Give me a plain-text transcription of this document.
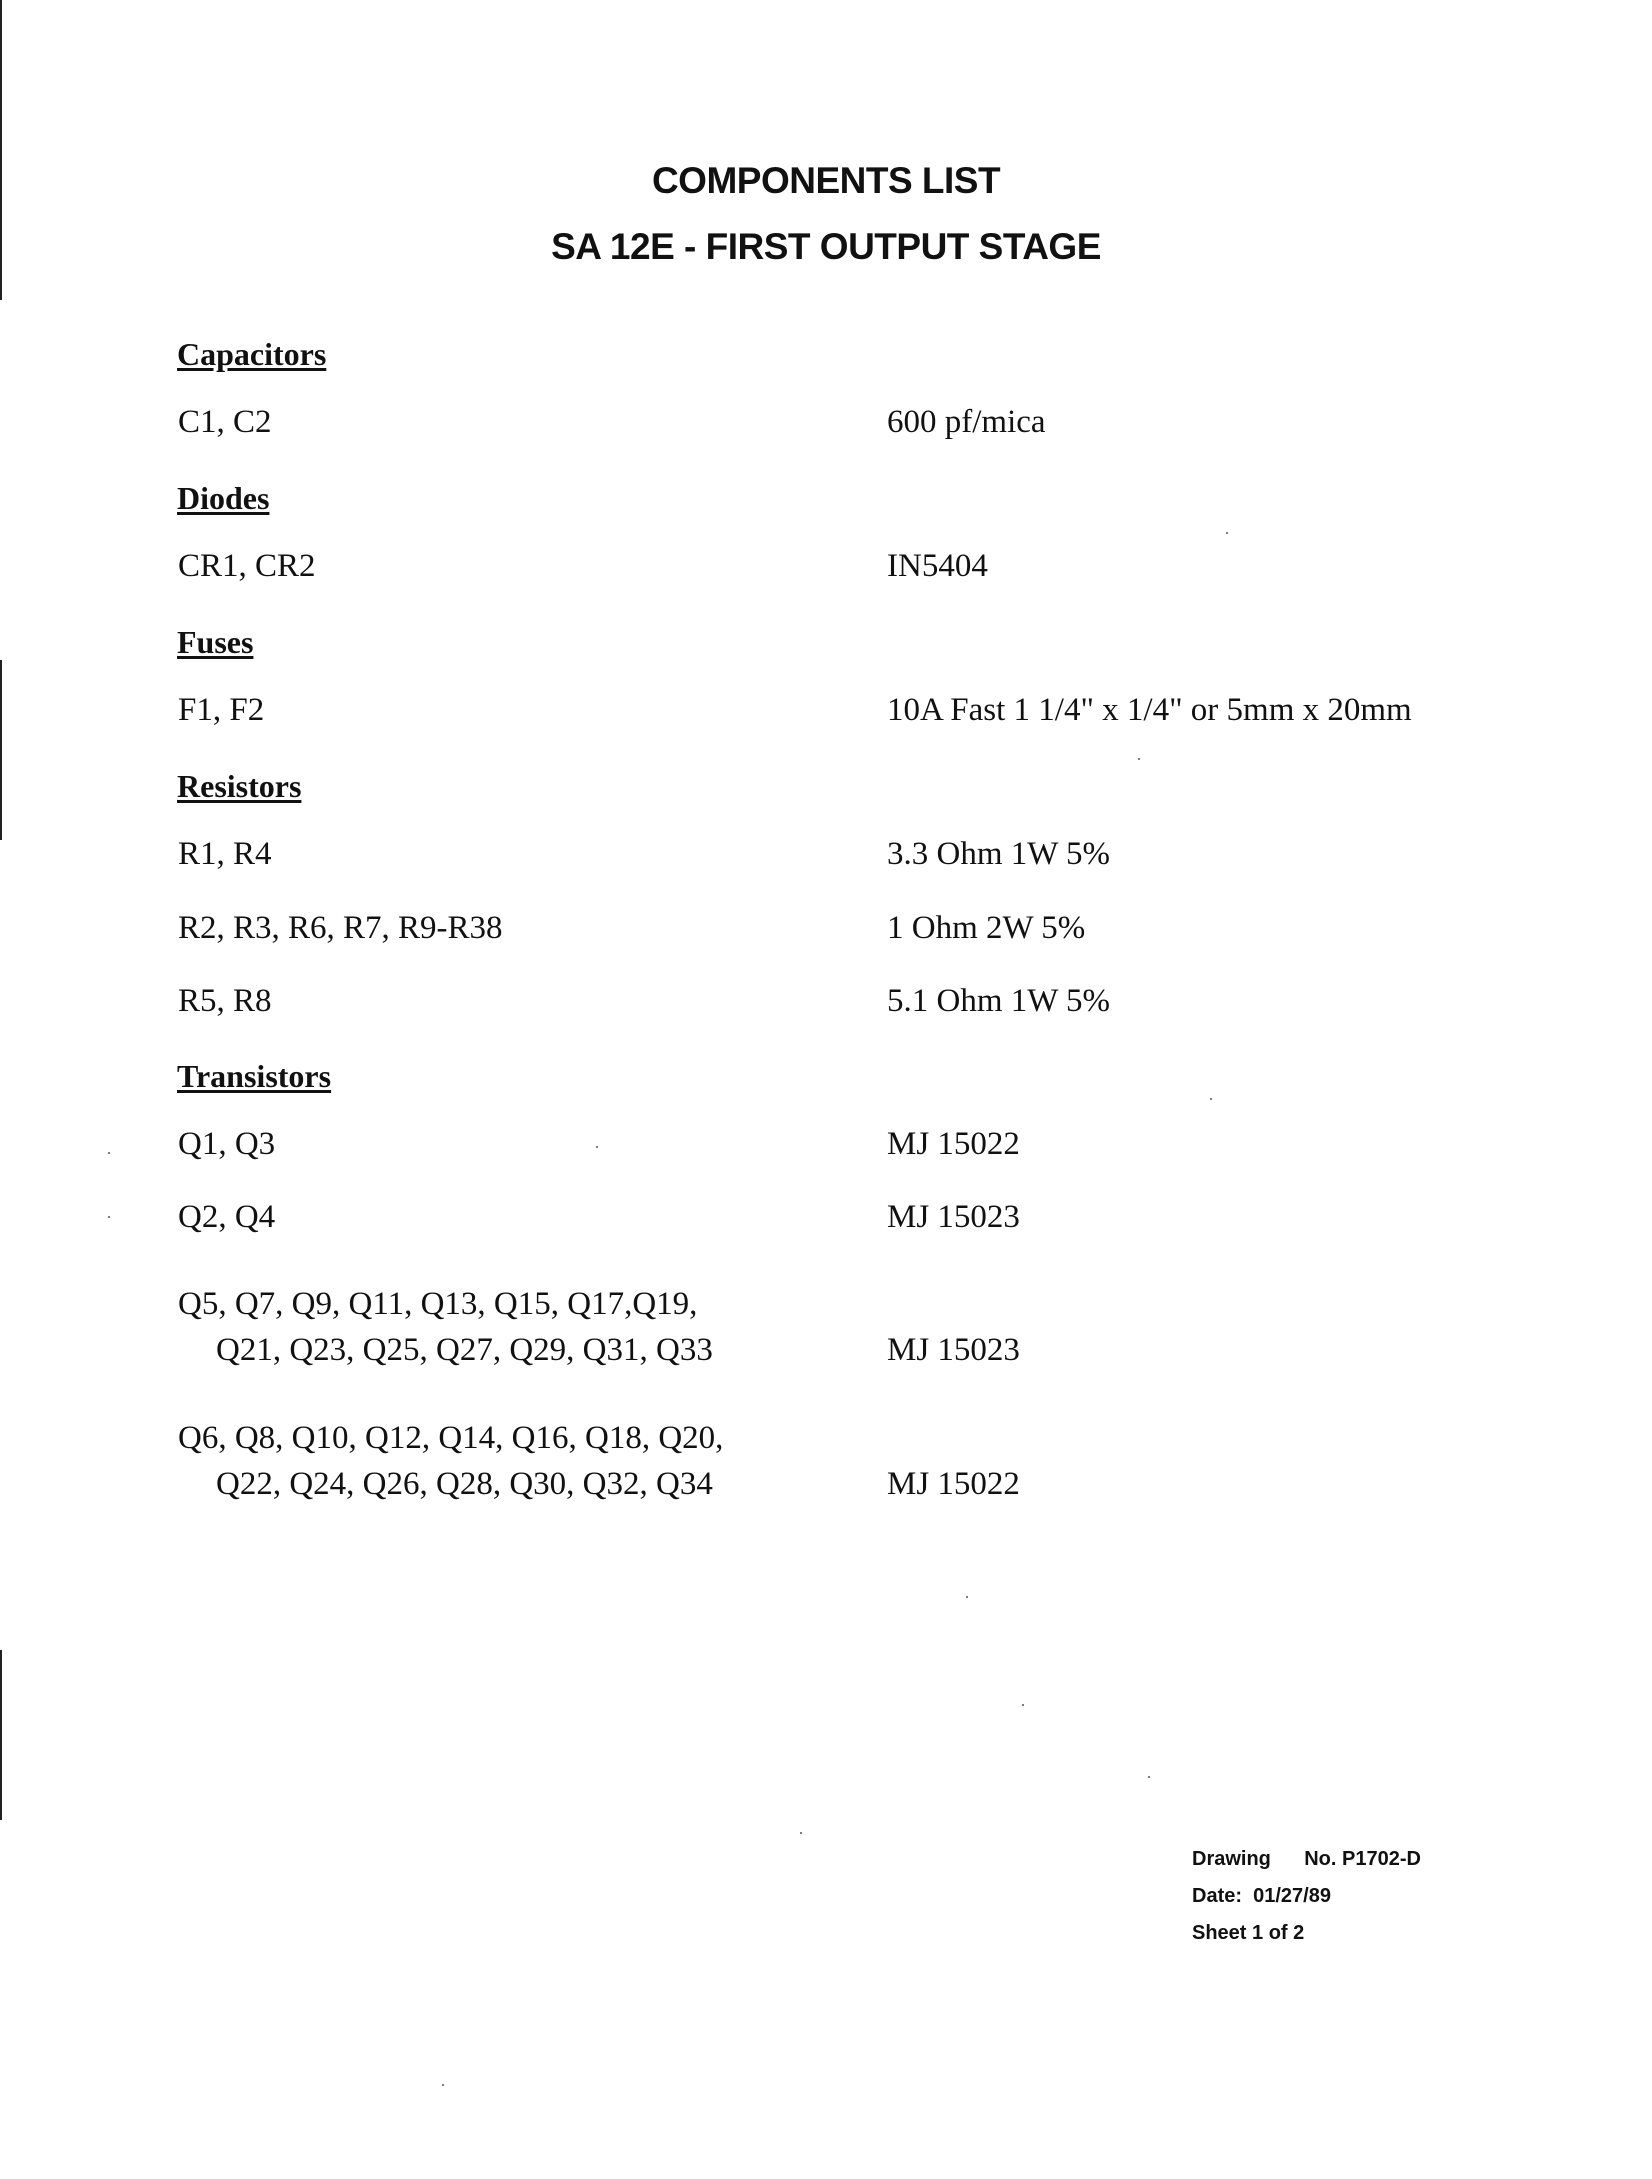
COMPONENTS LIST
SA 12E - FIRST OUTPUT STAGE
Capacitors
C1, C2	600 pf/mica
Diodes
CR1, CR2	IN5404
Fuses
F1, F2	10A Fast 1 1/4" x 1/4" or 5mm x 20mm
Resistors
R1, R4	3.3 Ohm 1W 5%
R2, R3, R6, R7, R9-R38	1 Ohm 2W 5%
R5, R8	5.1 Ohm 1W 5%
Transistors
Q1, Q3	MJ 15022
Q2, Q4	MJ 15023
Q5, Q7, Q9, Q11, Q13, Q15, Q17,Q19,
Q21, Q23, Q25, Q27, Q29, Q31, Q33	MJ 15023
Q6, Q8, Q10, Q12, Q14, Q16, Q18, Q20,
Q22, Q24, Q26, Q28, Q30, Q32, Q34	MJ 15022
Drawing      No. P1702-D
Date:  01/27/89
Sheet 1 of 2
